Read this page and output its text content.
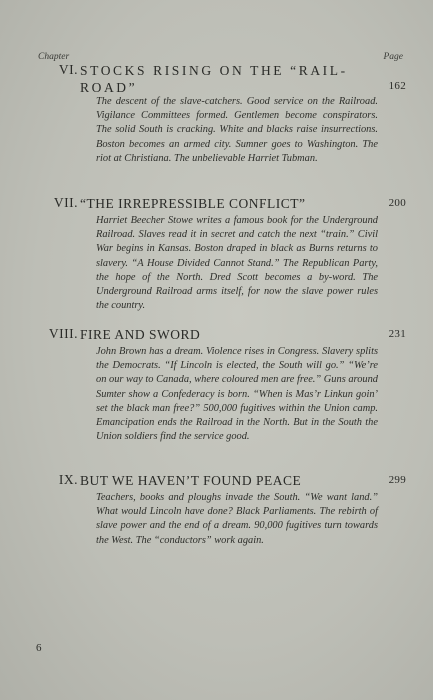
Chapter	Page
VI. STOCKS RISING ON THE “RAIL-ROAD”	162
The descent of the slave-catchers. Good service on the Railroad. Vigilance Committees formed. Gentlemen become conspirators. The solid South is cracking. White and blacks raise insurrections. Boston becomes an armed city. Sumner goes to Washington. The riot at Christiana. The unbelievable Harriet Tubman.
VII. “THE IRREPRESSIBLE CONFLICT”	200
Harriet Beecher Stowe writes a famous book for the Underground Railroad. Slaves read it in secret and catch the next “train.” Civil War begins in Kansas. Boston draped in black as Burns returns to slavery. “A House Divided Cannot Stand.” The Republican Party, the hope of the North. Dred Scott becomes a by-word. The Underground Railroad arms itself, for now the slave power rules the country.
VIII. FIRE AND SWORD	231
John Brown has a dream. Violence rises in Congress. Slavery splits the Democrats. “If Lincoln is elected, the South will go.” “We’re on our way to Canada, where coloured men are free.” Guns around Sumter show a Confederacy is born. “When is Mas’r Linkun goin’ set the black man free?” 500,000 fugitives within the Union camp. Emancipation ends the Railroad in the North. But in the South the Union soldiers find the service good.
IX. BUT WE HAVEN’T FOUND PEACE	299
Teachers, books and ploughs invade the South. “We want land.” What would Lincoln have done? Black Parliaments. The rebirth of slave power and the end of a dream. 90,000 fugitives turn towards the West. The “conductors” work again.
6
